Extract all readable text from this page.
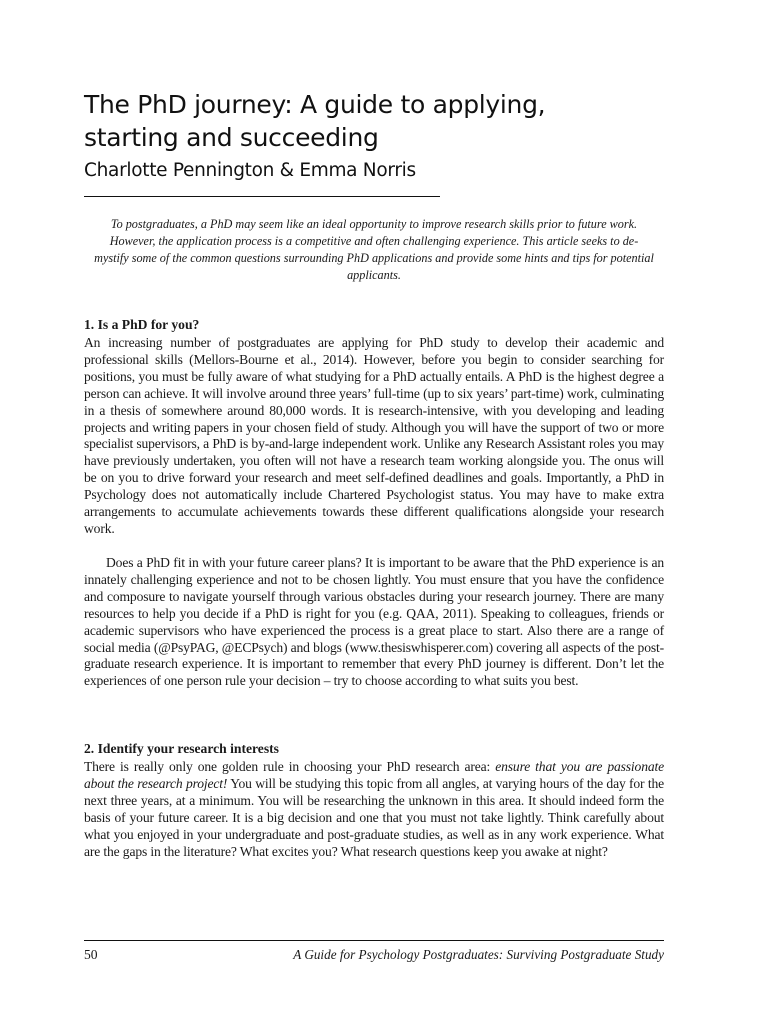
The PhD journey: A guide to applying,
starting and succeeding
Charlotte Pennington & Emma Norris

To postgraduates, a PhD may seem like an ideal opportunity to improve research skills prior to future work. However, the application process is a competitive and often challenging experience. This article seeks to de-mystify some of the common questions surrounding PhD applications and provide some hints and tips for potential applicants.

1. Is a PhD for you?

An increasing number of postgraduates are applying for PhD study to develop their academic and professional skills (Mellors-Bourne et al., 2014). However, before you begin to consider searching for positions, you must be fully aware of what studying for a PhD actually entails. A PhD is the highest degree a person can achieve. It will involve around three years’ full-time (up to six years’ part-time) work, culminating in a thesis of somewhere around 80,000 words. It is research-intensive, with you developing and leading projects and writing papers in your chosen field of study. Although you will have the support of two or more specialist supervisors, a PhD is by-and-large independent work. Unlike any Research Assistant roles you may have previously undertaken, you often will not have a research team working alongside you. The onus will be on you to drive forward your research and meet self-defined deadlines and goals. Importantly, a PhD in Psychology does not automatically include Chartered Psychologist status. You may have to make extra arrangements to accumulate achievements towards these different qualifications alongside your research work.

Does a PhD fit in with your future career plans? It is important to be aware that the PhD experience is an innately challenging experience and not to be chosen lightly. You must ensure that you have the confidence and composure to navigate yourself through various obstacles during your research journey. There are many resources to help you decide if a PhD is right for you (e.g. QAA, 2011). Speaking to colleagues, friends or academic supervisors who have experienced the process is a great place to start. Also there are a range of social media (@PsyPAG, @ECPsych) and blogs (www.thesiswhisperer.com) covering all aspects of the post-graduate research experience. It is important to remember that every PhD journey is different. Don’t let the experiences of one person rule your decision – try to choose according to what suits you best.

2. Identify your research interests

There is really only one golden rule in choosing your PhD research area: ensure that you are passionate about the research project! You will be studying this topic from all angles, at varying hours of the day for the next three years, at a minimum. You will be researching the unknown in this area. It should indeed form the basis of your future career. It is a big decision and one that you must not take lightly. Think carefully about what you enjoyed in your undergraduate and post-graduate studies, as well as in any work experience. What are the gaps in the literature? What excites you? What research questions keep you awake at night?

50	A Guide for Psychology Postgraduates: Surviving Postgraduate Study
